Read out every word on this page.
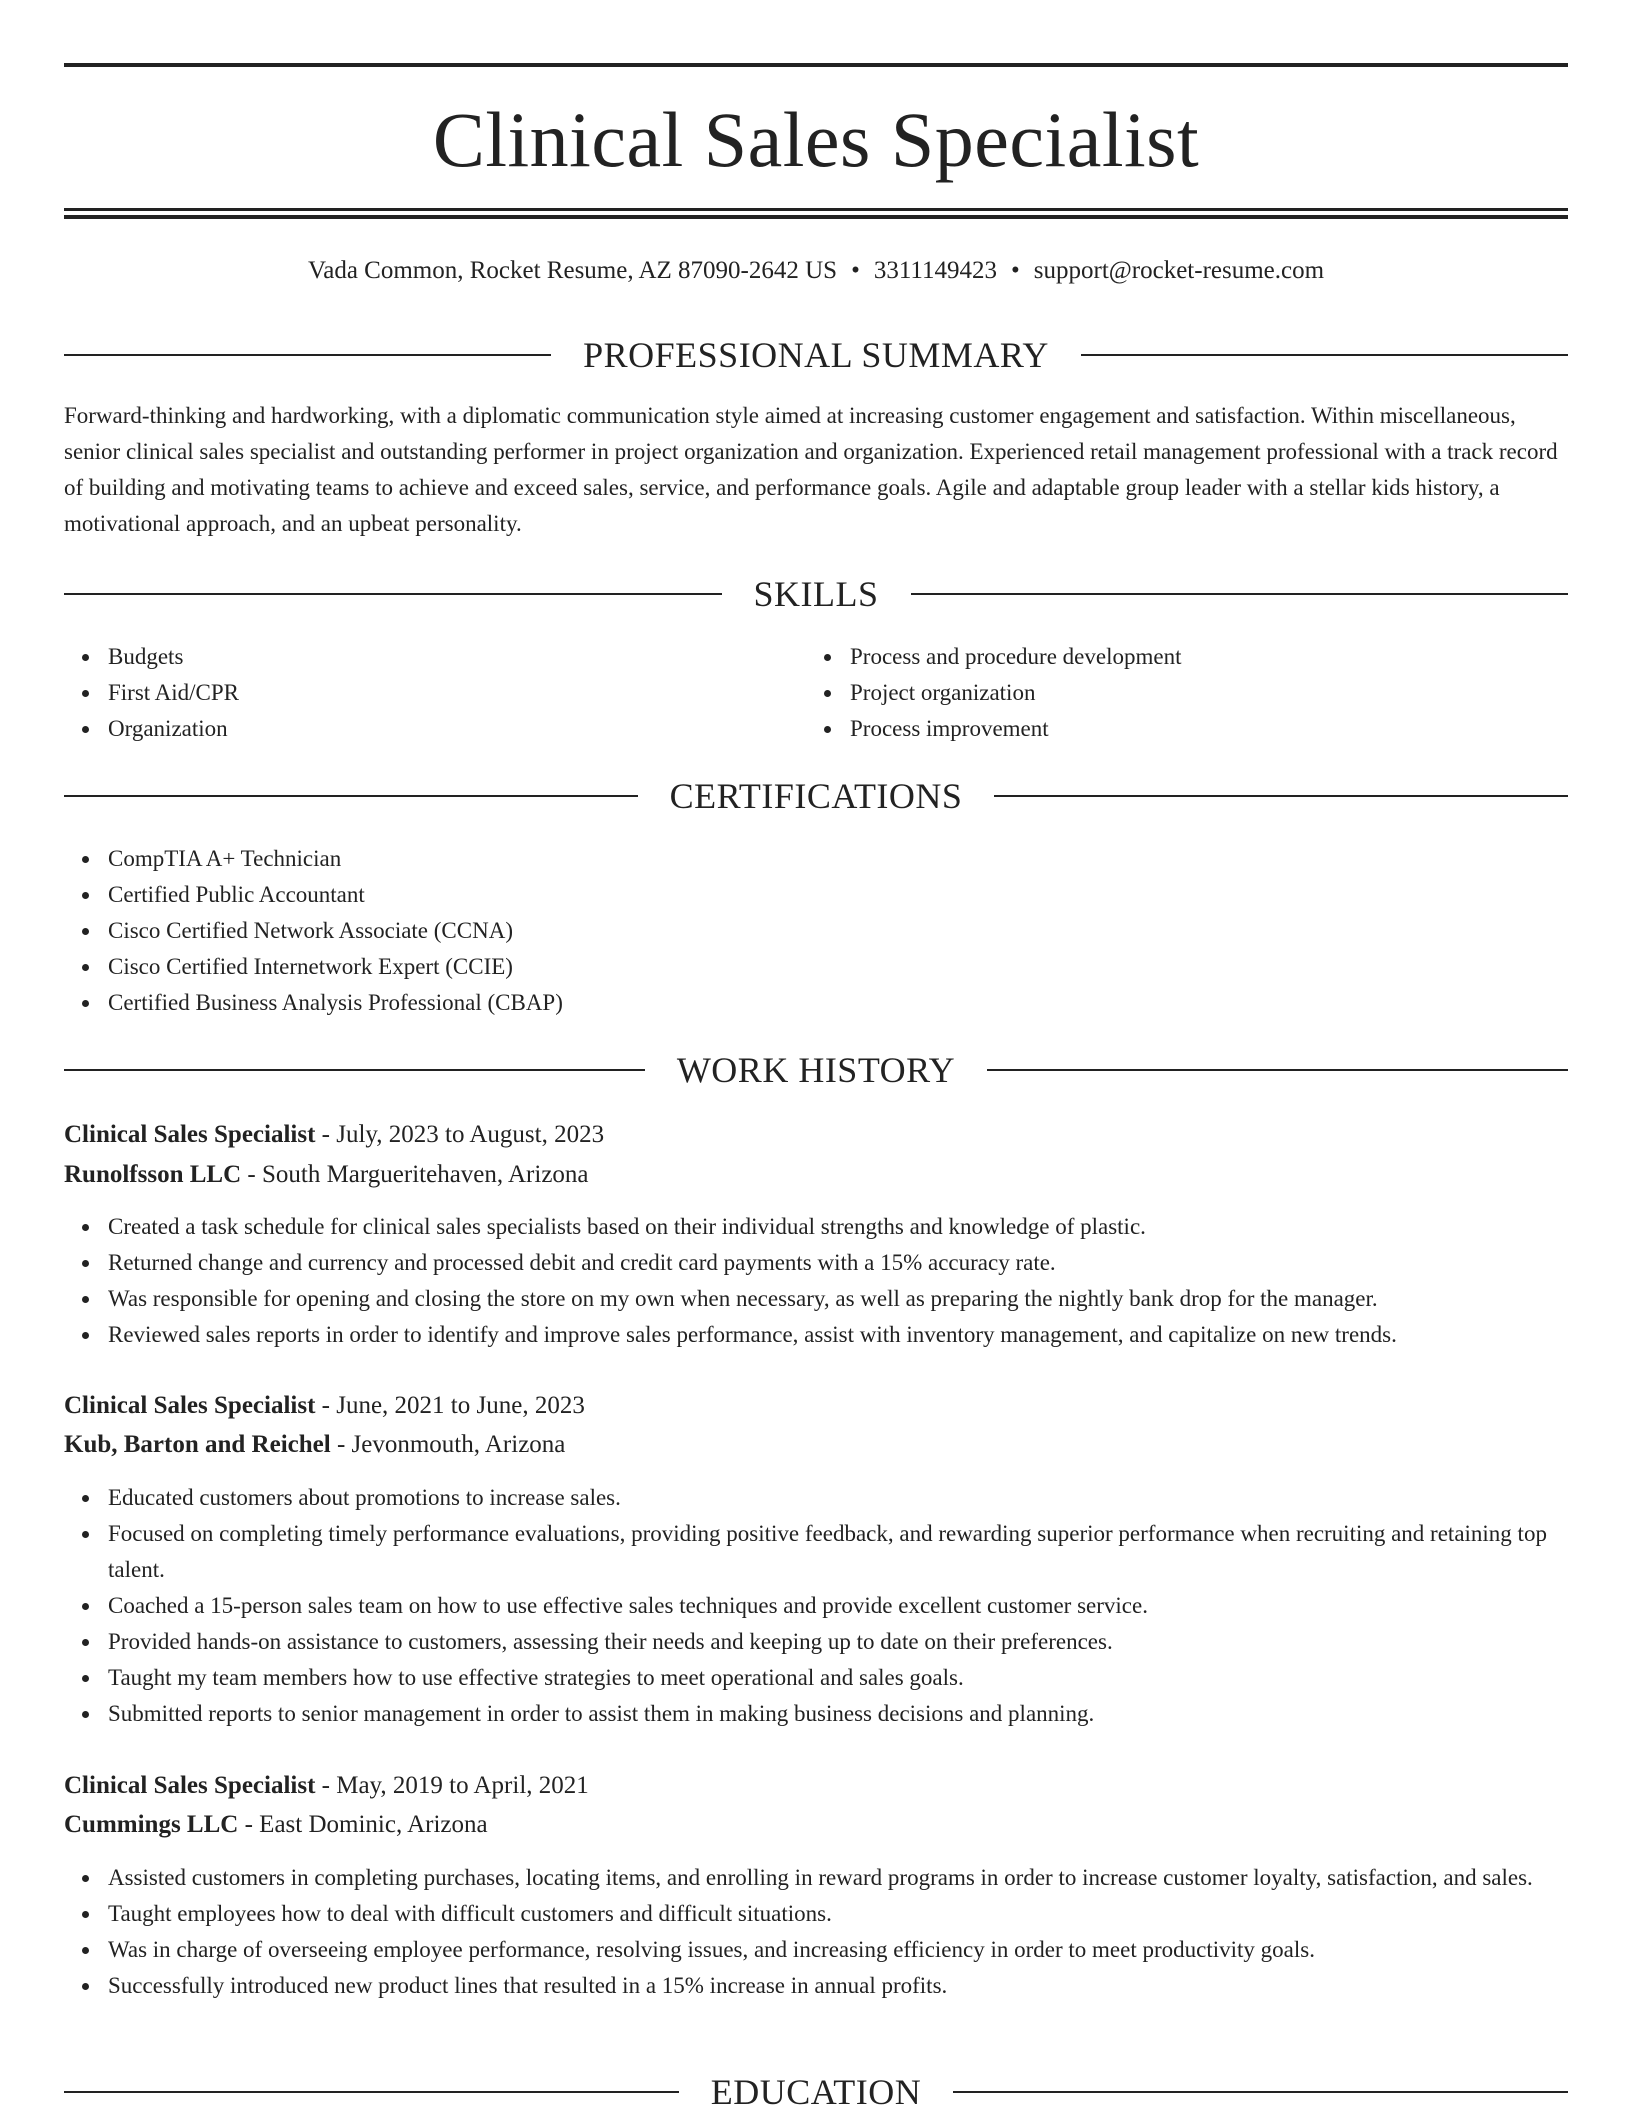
Clinical Sales Specialist
Vada Common, Rocket Resume, AZ 87090-2642 US • 3311149423 • support@rocket-resume.com
PROFESSIONAL SUMMARY

Forward-thinking and hardworking, with a diplomatic communication style aimed at increasing customer engagement and satisfaction. Within miscellaneous, senior clinical sales specialist and outstanding performer in project organization and organization. Experienced retail management professional with a track record of building and motivating teams to achieve and exceed sales, service, and performance goals. Agile and adaptable group leader with a stellar kids history, a motivational approach, and an upbeat personality.

SKILLS
Budgets
First Aid/CPR
Organization
Process and procedure development
Project organization
Process improvement
CERTIFICATIONS
CompTIA A+ Technician
Certified Public Accountant
Cisco Certified Network Associate (CCNA)
Cisco Certified Internetwork Expert (CCIE)
Certified Business Analysis Professional (CBAP)
WORK HISTORY
Clinical Sales Specialist - July, 2023 to August, 2023
Runolfsson LLC - South Margueritehaven, Arizona
Created a task schedule for clinical sales specialists based on their individual strengths and knowledge of plastic.
Returned change and currency and processed debit and credit card payments with a 15% accuracy rate.
Was responsible for opening and closing the store on my own when necessary, as well as preparing the nightly bank drop for the manager.
Reviewed sales reports in order to identify and improve sales performance, assist with inventory management, and capitalize on new trends.
Clinical Sales Specialist - June, 2021 to June, 2023
Kub, Barton and Reichel - Jevonmouth, Arizona
Educated customers about promotions to increase sales.
Focused on completing timely performance evaluations, providing positive feedback, and rewarding superior performance when recruiting and retaining top talent.
Coached a 15-person sales team on how to use effective sales techniques and provide excellent customer service.
Provided hands-on assistance to customers, assessing their needs and keeping up to date on their preferences.
Taught my team members how to use effective strategies to meet operational and sales goals.
Submitted reports to senior management in order to assist them in making business decisions and planning.
Clinical Sales Specialist - May, 2019 to April, 2021
Cummings LLC - East Dominic, Arizona
Assisted customers in completing purchases, locating items, and enrolling in reward programs in order to increase customer loyalty, satisfaction, and sales.
Taught employees how to deal with difficult customers and difficult situations.
Was in charge of overseeing employee performance, resolving issues, and increasing efficiency in order to meet productivity goals.
Successfully introduced new product lines that resulted in a 15% increase in annual profits.
EDUCATION
